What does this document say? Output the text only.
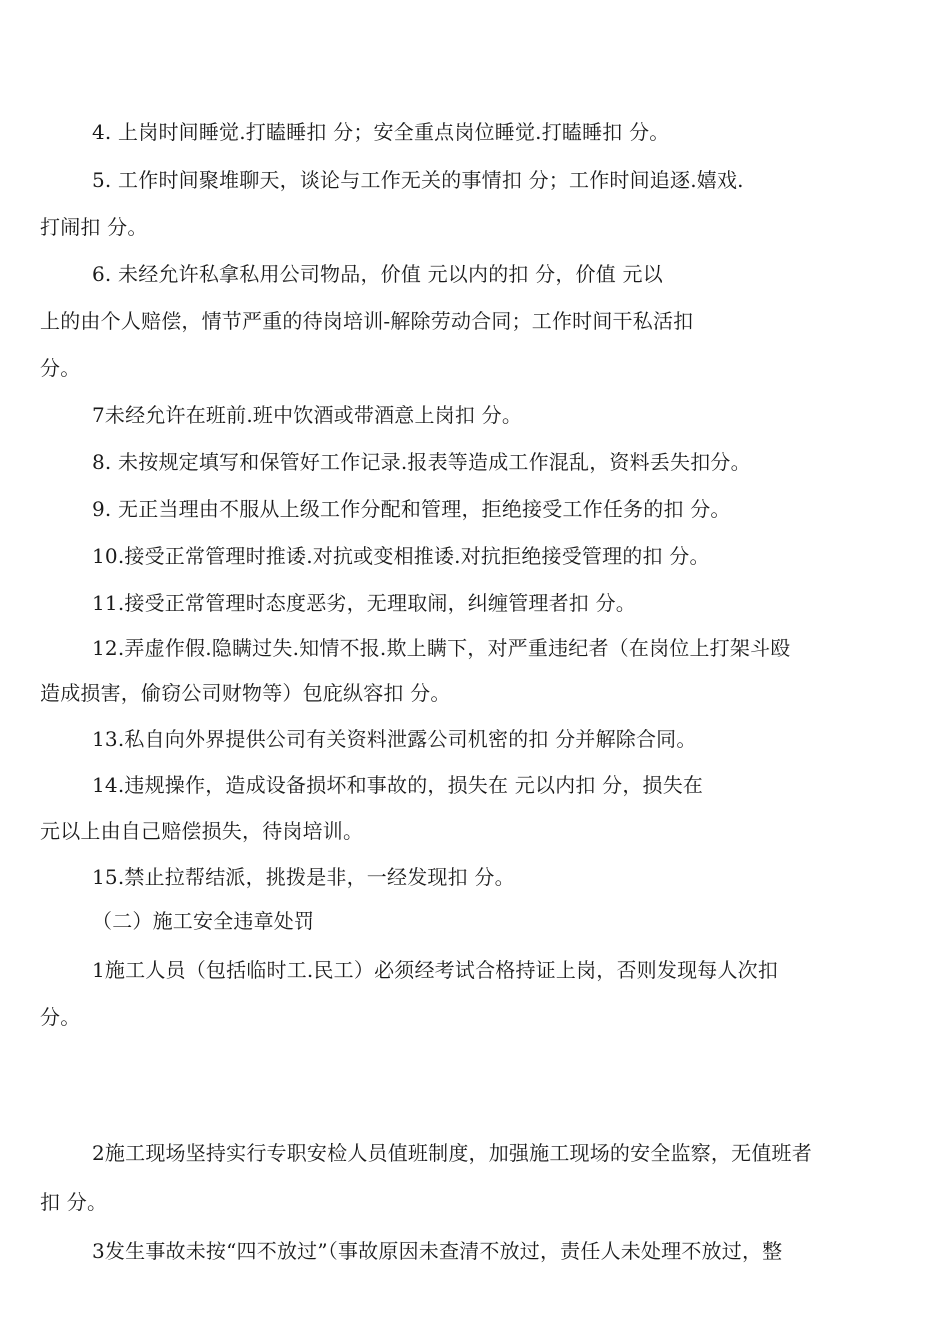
4. 上岗时间睡觉.打瞌睡扣 分；安全重点岗位睡觉.打瞌睡扣 分。
5. 工作时间聚堆聊天，谈论与工作无关的事情扣 分；工作时间追逐.嬉戏.
打闹扣 分。
6. 未经允许私拿私用公司物品，价值 元以内的扣 分，价值 元以
上的由个人赔偿，情节严重的待岗培训-解除劳动合同；工作时间干私活扣
分。
7未经允许在班前.班中饮酒或带酒意上岗扣 分。
8. 未按规定填写和保管好工作记录.报表等造成工作混乱，资料丢失扣分。
9. 无正当理由不服从上级工作分配和管理，拒绝接受工作任务的扣 分。
10.接受正常管理时推诿.对抗或变相推诿.对抗拒绝接受管理的扣 分。
11.接受正常管理时态度恶劣，无理取闹，纠缠管理者扣 分。
12.弄虚作假.隐瞒过失.知情不报.欺上瞒下，对严重违纪者（在岗位上打架斗殴
造成损害，偷窃公司财物等）包庇纵容扣 分。
13.私自向外界提供公司有关资料泄露公司机密的扣 分并解除合同。
14.违规操作，造成设备损坏和事故的，损失在 元以内扣 分，损失在
元以上由自己赔偿损失，待岗培训。
15.禁止拉帮结派，挑拨是非，一经发现扣 分。
（二）施工安全违章处罚
1施工人员（包括临时工.民工）必须经考试合格持证上岗，否则发现每人次扣
分。
2施工现场坚持实行专职安检人员值班制度，加强施工现场的安全监察，无值班者
扣 分。
3发生事故未按“四不放过”（事故原因未查清不放过，责任人未处理不放过，整
